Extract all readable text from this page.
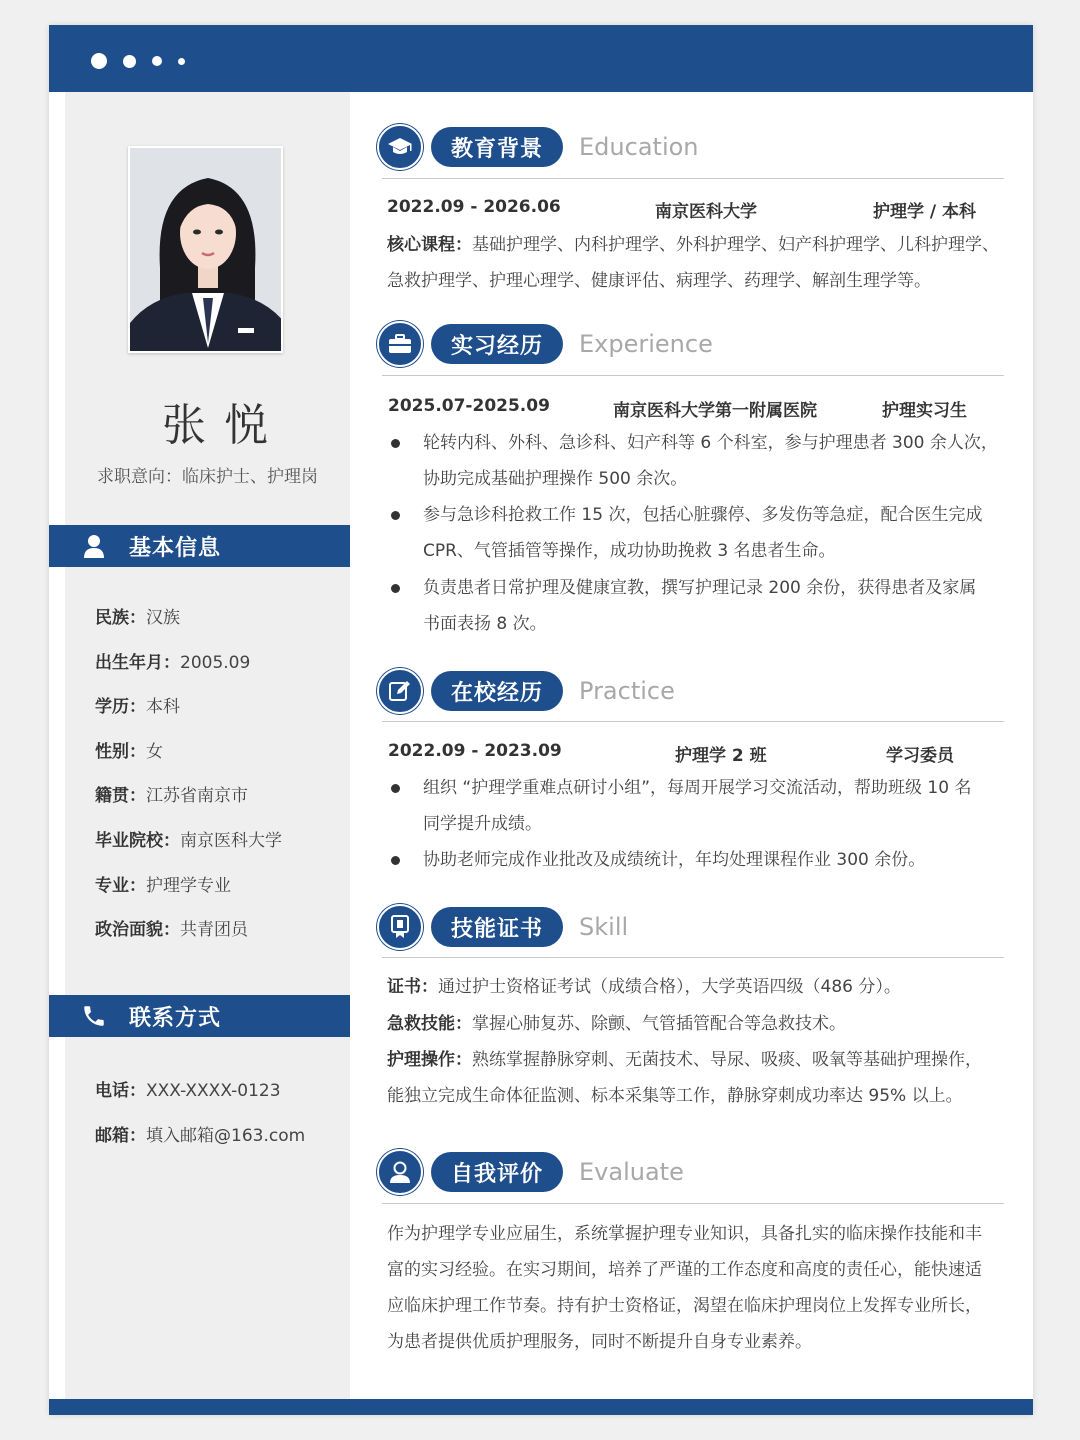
张悦
求职意向：临床护士、护理岗
基本信息
民族：汉族
出生年月：2005.09
学历：本科
性别：女
籍贯：江苏省南京市
毕业院校：南京医科大学
专业：护理学专业
政治面貌：共青团员
联系方式
电话：XXX-XXXX-0123
邮箱：填入邮箱@163.com
教育背景	Education
2022.09 - 2026.06	南京医科大学	护理学 / 本科
核心课程：基础护理学、内科护理学、外科护理学、妇产科护理学、儿科护理学、
急救护理学、护理心理学、健康评估、病理学、药理学、解剖生理学等。
实习经历	Experience
2025.07-2025.09	南京医科大学第一附属医院	护理实习生
轮转内科、外科、急诊科、妇产科等 6 个科室，参与护理患者 300 余人次，
协助完成基础护理操作 500 余次。
参与急诊科抢救工作 15 次，包括心脏骤停、多发伤等急症，配合医生完成
CPR、气管插管等操作，成功协助挽救 3 名患者生命。
负责患者日常护理及健康宣教，撰写护理记录 200 余份，获得患者及家属
书面表扬 8 次。
在校经历	Practice
2022.09 - 2023.09	护理学 2 班	学习委员
组织 “护理学重难点研讨小组”，每周开展学习交流活动，帮助班级 10 名
同学提升成绩。
协助老师完成作业批改及成绩统计，年均处理课程作业 300 余份。
技能证书	Skill
证书：通过护士资格证考试（成绩合格），大学英语四级（486 分）。
急救技能：掌握心肺复苏、除颤、气管插管配合等急救技术。
护理操作：熟练掌握静脉穿刺、无菌技术、导尿、吸痰、吸氧等基础护理操作，
能独立完成生命体征监测、标本采集等工作，静脉穿刺成功率达 95% 以上。
自我评价	Evaluate
作为护理学专业应届生，系统掌握护理专业知识，具备扎实的临床操作技能和丰
富的实习经验。在实习期间，培养了严谨的工作态度和高度的责任心，能快速适
应临床护理工作节奏。持有护士资格证，渴望在临床护理岗位上发挥专业所长，
为患者提供优质护理服务，同时不断提升自身专业素养。
